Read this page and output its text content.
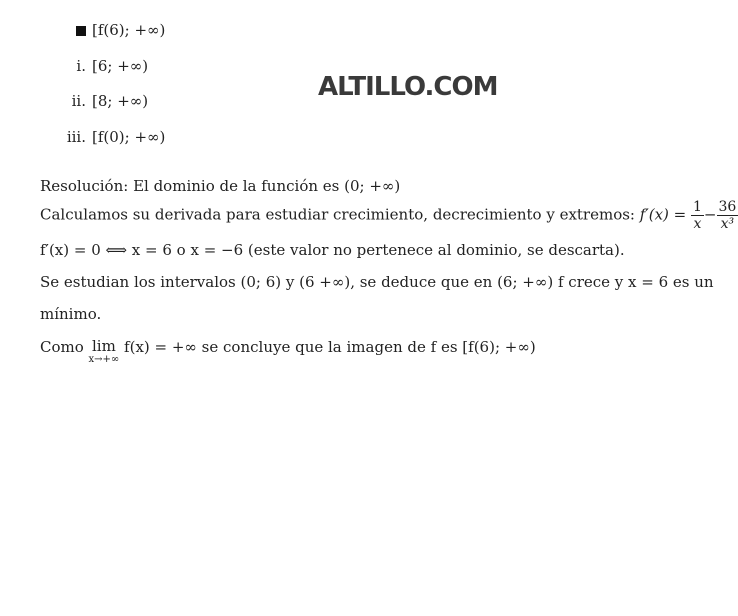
[f(6); +∞)
i. [6; +∞)
ii. [8; +∞)
iii. [f(0); +∞)
ALTILLO.COM
Resolución: El dominio de la función es (0; +∞)
Calculamos su derivada para estudiar crecimiento, decrecimiento y extremos: $f'(x) = \frac{1}{x} - \frac{36}{\text{x³}}$
f′(x) = 0 ⟺ x = 6 o x = −6 (este valor no pertenece al dominio, se descarta).
Se estudian los intervalos (0; 6) y (6 +∞), se deduce que en (6; +∞) f crece y x = 6 es un
mínimo.
Como lim
x→+∞
f(x) = +∞ se concluye que la imagen de f es [f(6); +∞)
